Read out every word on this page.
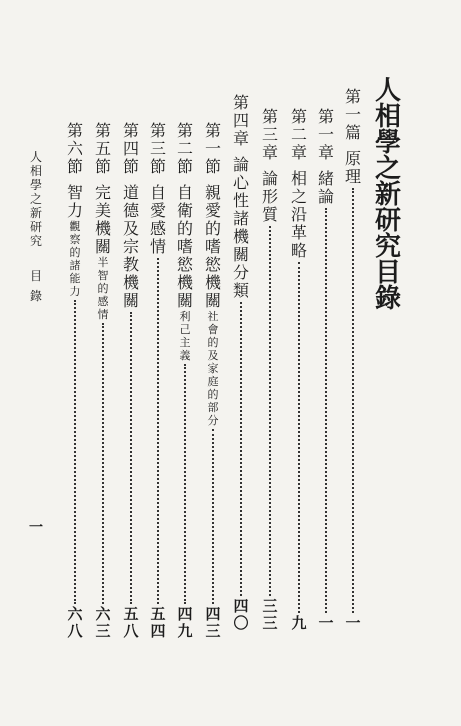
人
相
學
之
新
研
究
目
錄
第
一
篇
原
理
一
第
一
章
緒
論
一
第
二
章
相
之
沿
革
略
九
第
三
章
論
形
質
三
三
第
四
章
論
心
性
諸
機
關
分
類
四
〇
第
一
節
親
愛
的
嗜
慾
機
關
社
會
的
及
家
庭
的
部
分
四
三
第
二
節
自
衛
的
嗜
慾
機
關
利
己
主
義
四
九
第
三
節
自
愛
感
情
五
四
第
四
節
道
德
及
宗
教
機
關
五
八
第
五
節
完
美
機
關
半
智
的
感
情
六
三
第
六
節
智
力
觀
察
的
諸
能
力
六
八
人
相
學
之
新
研
究
目
錄
一
